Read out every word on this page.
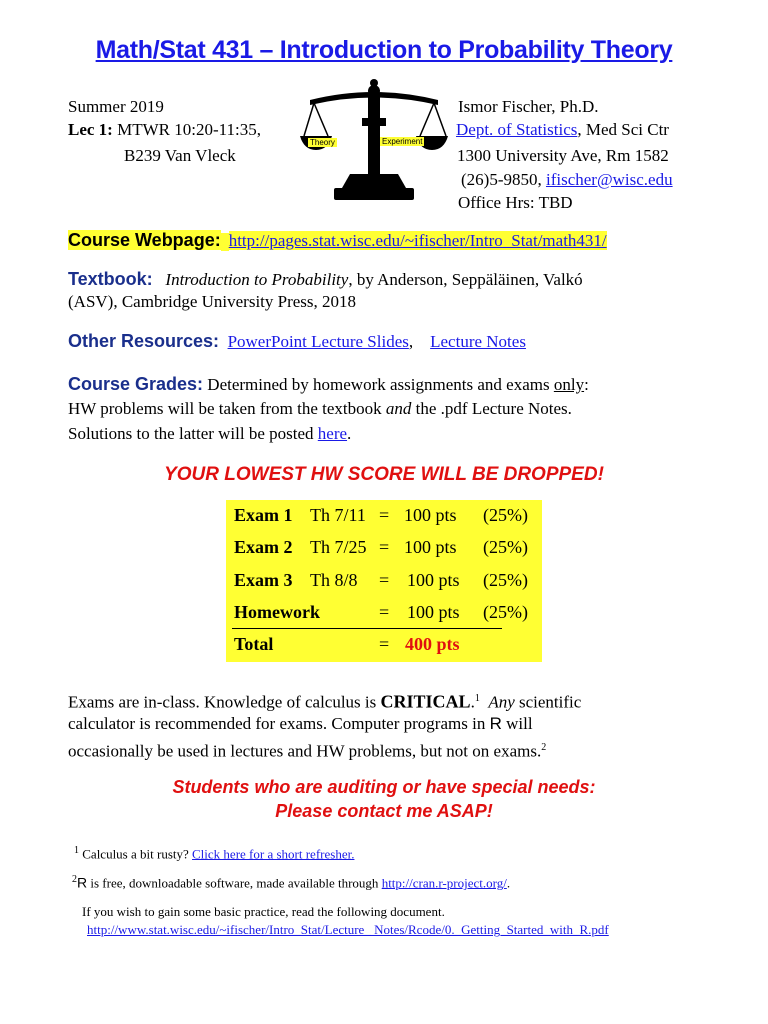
Math/Stat 431 – Introduction to Probability Theory
Summer 2019
Lec 1: MTWR 10:20-11:35,
B239 Van Vleck
Theory	Experiment
Ismor Fischer, Ph.D.
Dept. of Statistics, Med Sci Ctr
1300 University Ave, Rm 1582
(26)5-9850, ifischer@wisc.edu
Office Hrs: TBD
Course Webpage: http://pages.stat.wisc.edu/~ifischer/Intro_Stat/math431/
Textbook: Introduction to Probability, by Anderson, Seppäläinen, Valkó
(ASV), Cambridge University Press, 2018
Other Resources: PowerPoint Lecture Slides, Lecture Notes
Course Grades: Determined by homework assignments and exams only:
HW problems will be taken from the textbook and the .pdf Lecture Notes.
Solutions to the latter will be posted here.
YOUR LOWEST HW SCORE WILL BE DROPPED!
Exam 1 Th 7/11 = 100 pts (25%)
Exam 2 Th 7/25 = 100 pts (25%)
Exam 3 Th 8/8 = 100 pts (25%)
Homework	= 100 pts (25%)
Total	= 400 pts
Exams are in-class. Knowledge of calculus is CRITICAL.$^1$ Any scientific
calculator is recommended for exams. Computer programs in R will
occasionally be used in lectures and HW problems, but not on exams.$^2$
Students who are auditing or have special needs:
Please contact me ASAP!
$^1$ Calculus a bit rusty? Click here for a short refresher.
$^2$R is free, downloadable software, made available through http://cran.r-project.org/.
If you wish to gain some basic practice, read the following document.
http://www.stat.wisc.edu/~ifischer/Intro_Stat/Lecture_ Notes/Rcode/0._Getting_Started_with_R.pdf
